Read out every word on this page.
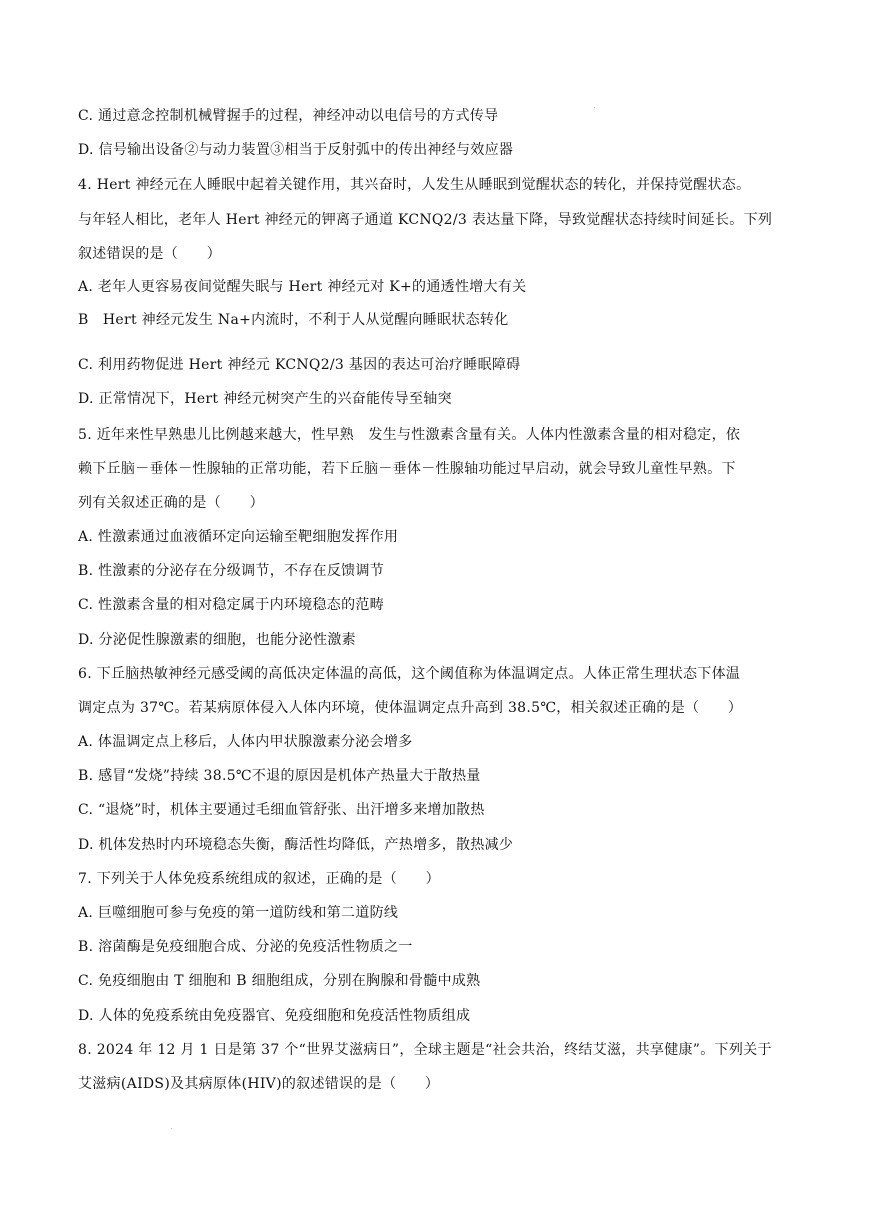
C. 通过意念控制机械臂握手的过程，神经冲动以电信号的方式传导
D. 信号输出设备②与动力装置③相当于反射弧中的传出神经与效应器
4. Hert 神经元在人睡眠中起着关键作用，其兴奋时，人发生从睡眠到觉醒状态的转化，并保持觉醒状态。
与年轻人相比，老年人 Hert 神经元的钾离子通道 KCNQ2/3 表达量下降，导致觉醒状态持续时间延长。下列
叙述错误的是（　　）
A. 老年人更容易夜间觉醒失眠与 Hert 神经元对 K+的通透性增大有关
B　Hert 神经元发生 Na+内流时，不利于人从觉醒向睡眠状态转化
C. 利用药物促进 Hert 神经元 KCNQ2/3 基因的表达可治疗睡眠障碍
D. 正常情况下，Hert 神经元树突产生的兴奋能传导至轴突
5. 近年来性早熟患儿比例越来越大，性早熟　发生与性激素含量有关。人体内性激素含量的相对稳定，依
赖下丘脑－垂体－性腺轴的正常功能，若下丘脑－垂体－性腺轴功能过早启动，就会导致儿童性早熟。下
列有关叙述正确的是（　　）
A. 性激素通过血液循环定向运输至靶细胞发挥作用
B. 性激素的分泌存在分级调节，不存在反馈调节
C. 性激素含量的相对稳定属于内环境稳态的范畴
D. 分泌促性腺激素的细胞，也能分泌性激素
6. 下丘脑热敏神经元感受阈的高低决定体温的高低，这个阈值称为体温调定点。人体正常生理状态下体温
调定点为 37℃。若某病原体侵入人体内环境，使体温调定点升高到 38.5℃，相关叙述正确的是（　　）
A. 体温调定点上移后，人体内甲状腺激素分泌会增多
B. 感冒“发烧”持续 38.5℃不退的原因是机体产热量大于散热量
C. “退烧”时，机体主要通过毛细血管舒张、出汗增多来增加散热
D. 机体发热时内环境稳态失衡，酶活性均降低，产热增多，散热减少
7. 下列关于人体免疫系统组成的叙述，正确的是（　　）
A. 巨噬细胞可参与免疫的第一道防线和第二道防线
B. 溶菌酶是免疫细胞合成、分泌的免疫活性物质之一
C. 免疫细胞由 T 细胞和 B 细胞组成，分别在胸腺和骨髓中成熟
D. 人体的免疫系统由免疫器官、免疫细胞和免疫活性物质组成
8. 2024 年 12 月 1 日是第 37 个“世界艾滋病日”，全球主题是“社会共治，终结艾滋，共享健康”。下列关于
艾滋病(AIDS)及其病原体(HIV)的叙述错误的是（　　）
